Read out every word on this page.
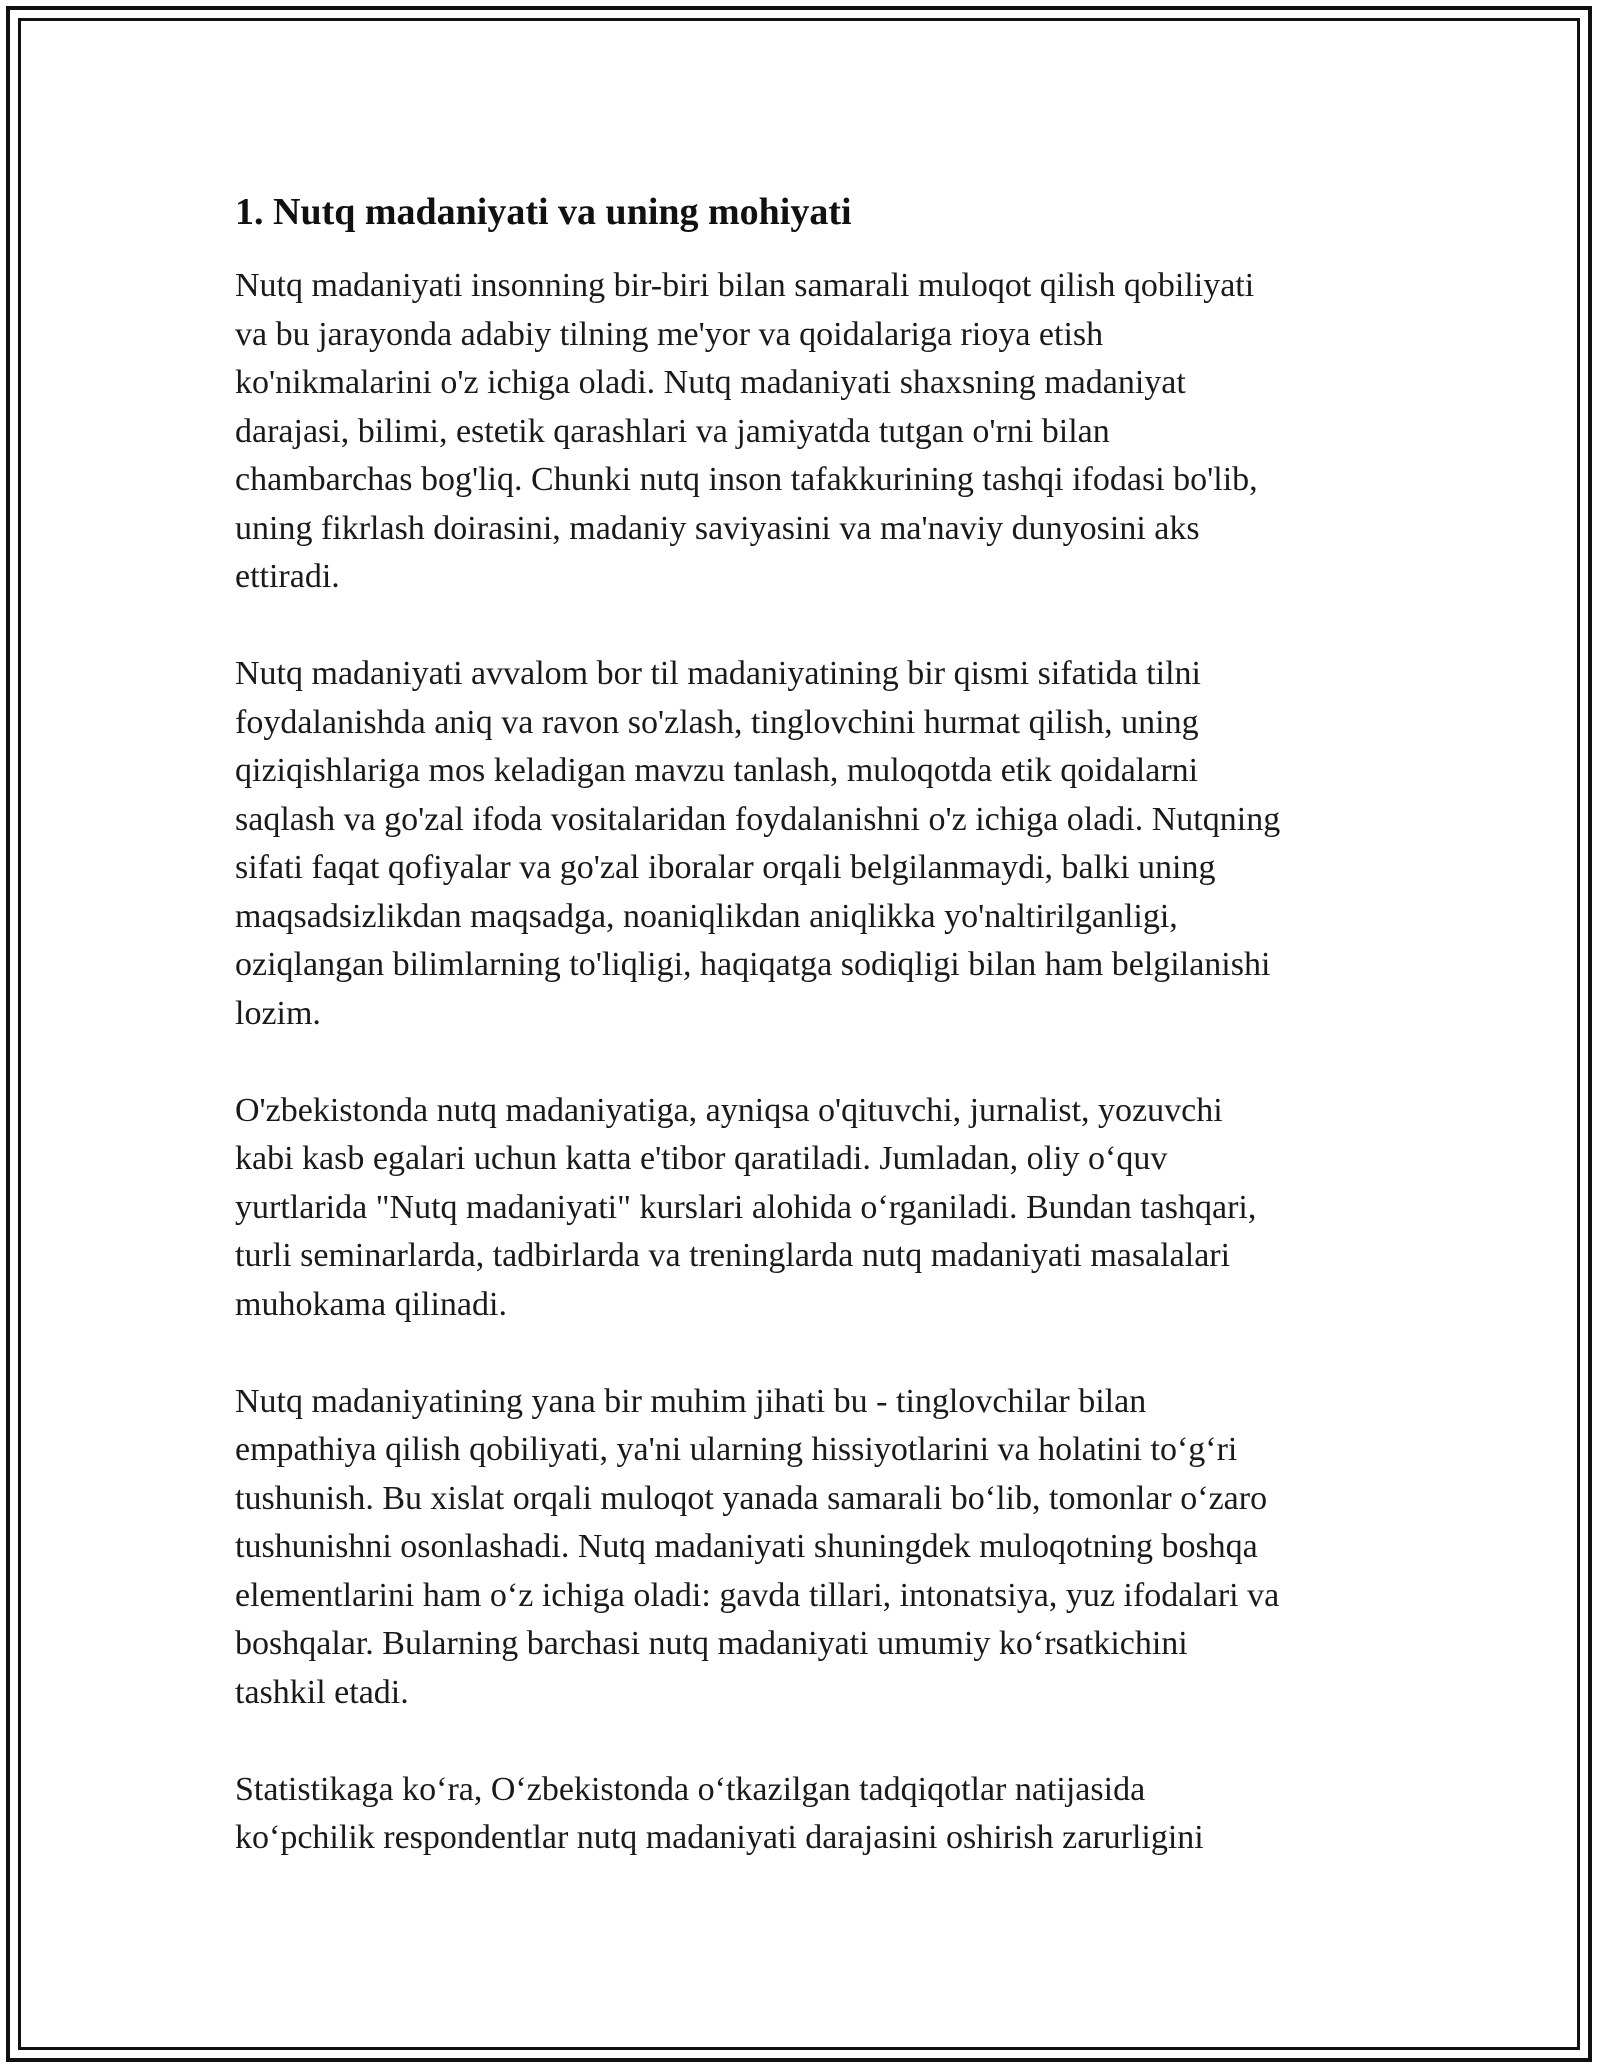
1. Nutq madaniyati va uning mohiyati

Nutq madaniyati insonning bir-biri bilan samarali muloqot qilish qobiliyati
va bu jarayonda adabiy tilning me'yor va qoidalariga rioya etish
ko'nikmalarini o'z ichiga oladi. Nutq madaniyati shaxsning madaniyat
darajasi, bilimi, estetik qarashlari va jamiyatda tutgan o'rni bilan
chambarchas bog'liq. Chunki nutq inson tafakkurining tashqi ifodasi bo'lib,
uning fikrlash doirasini, madaniy saviyasini va ma'naviy dunyosini aks
ettiradi.

Nutq madaniyati avvalom bor til madaniyatining bir qismi sifatida tilni
foydalanishda aniq va ravon so'zlash, tinglovchini hurmat qilish, uning
qiziqishlariga mos keladigan mavzu tanlash, muloqotda etik qoidalarni
saqlash va go'zal ifoda vositalaridan foydalanishni o'z ichiga oladi. Nutqning
sifati faqat qofiyalar va go'zal iboralar orqali belgilanmaydi, balki uning
maqsadsizlikdan maqsadga, noaniqlikdan aniqlikka yo'naltirilganligi,
oziqlangan bilimlarning to'liqligi, haqiqatga sodiqligi bilan ham belgilanishi
lozim.

O'zbekistonda nutq madaniyatiga, ayniqsa o'qituvchi, jurnalist, yozuvchi
kabi kasb egalari uchun katta e'tibor qaratiladi. Jumladan, oliy o‘quv
yurtlarida "Nutq madaniyati" kurslari alohida o‘rganiladi. Bundan tashqari,
turli seminarlarda, tadbirlarda va treninglarda nutq madaniyati masalalari
muhokama qilinadi.

Nutq madaniyatining yana bir muhim jihati bu - tinglovchilar bilan
empathiya qilish qobiliyati, ya'ni ularning hissiyotlarini va holatini to‘g‘ri
tushunish. Bu xislat orqali muloqot yanada samarali bo‘lib, tomonlar o‘zaro
tushunishni osonlashadi. Nutq madaniyati shuningdek muloqotning boshqa
elementlarini ham o‘z ichiga oladi: gavda tillari, intonatsiya, yuz ifodalari va
boshqalar. Bularning barchasi nutq madaniyati umumiy ko‘rsatkichini
tashkil etadi.

Statistikaga ko‘ra, O‘zbekistonda o‘tkazilgan tadqiqotlar natijasida
ko‘pchilik respondentlar nutq madaniyati darajasini oshirish zarurligini
